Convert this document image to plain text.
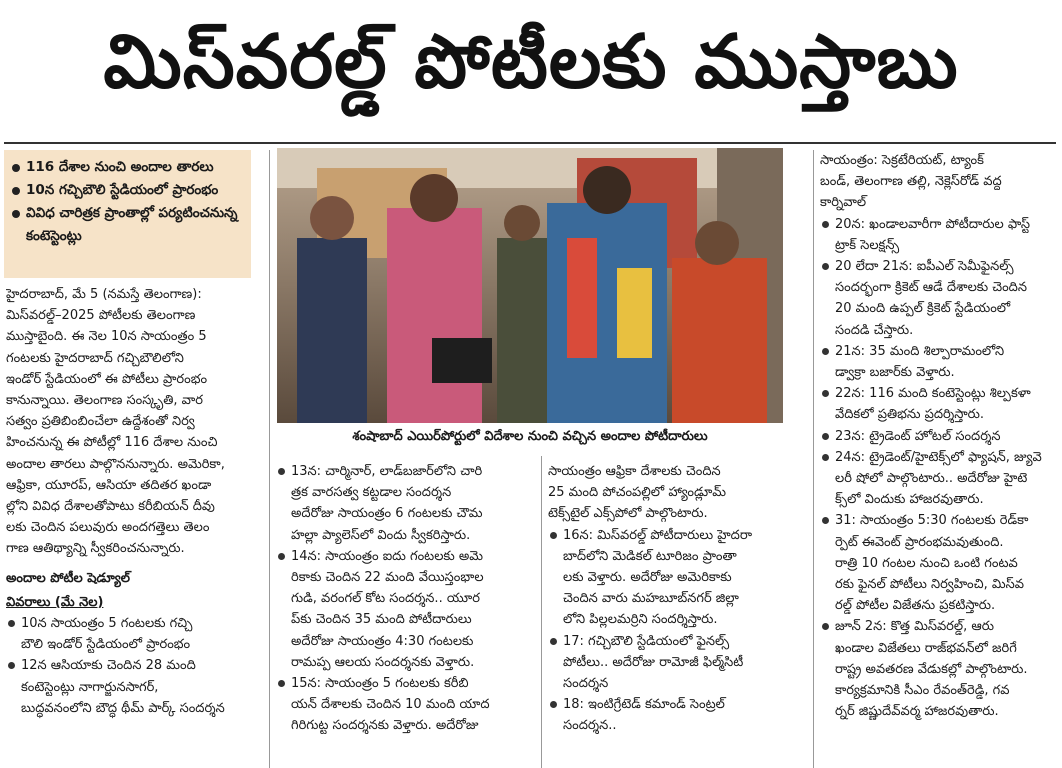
మిస్‌వరల్డ్ పోటీలకు ముస్తాబు
116 దేశాల నుంచి అందాల తారలు
10న గచ్చిబౌలి స్టేడియంలో ప్రారంభం
వివిధ చారిత్రక ప్రాంతాల్లో పర్యటించనున్న కంటెస్టెంట్లు
హైదరాబాద్, మే 5 (నమస్తే తెలంగాణ):
మిస్‌వరల్డ్–2025 పోటీలకు తెలంగాణ
ముస్తాబైంది. ఈ నెల 10న సాయంత్రం 5
గంటలకు హైదరాబాద్ గచ్చిబౌలిలోని
ఇండోర్ స్టేడియంలో ఈ పోటీలు ప్రారంభం
కానున్నాయి. తెలంగాణ సంస్కృతి, వార
సత్వం ప్రతిబింబించేలా ఉద్దేశంతో నిర్వ
హించనున్న ఈ పోటీల్లో 116 దేశాల నుంచి
అందాల తారలు పాల్గొననున్నారు. అమెరికా,
ఆఫ్రికా, యూరప్, ఆసియా తదితర ఖండా
ల్లోని వివిధ దేశాలతోపాటు కరీబియన్ దీవు
లకు చెందిన పలువురు అందగత్తెలు తెలం
గాణ ఆతిథ్యాన్ని స్వీకరించనున్నారు.
అందాల పోటీల షెడ్యూల్
వివరాలు (మే నెల)
10న సాయంత్రం 5 గంటలకు గచ్చి
బౌలి ఇండోర్ స్టేడియంలో ప్రారంభం
12న ఆసియాకు చెందిన 28 మంది
కంటెస్టెంట్లు నాగార్జునసాగర్,
బుద్ధవనంలోని బౌద్ధ థీమ్ పార్క్ సందర్శన
శంషాబాద్ ఎయిర్‌పోర్టులో విదేశాల నుంచి వచ్చిన అందాల పోటీదారులు
13న: చార్మినార్, లాడ్‌బజార్‌లోని చారి
త్రక వారసత్వ కట్టడాల సందర్శన
అదేరోజు సాయంత్రం 6 గంటలకు చౌమ
హల్లా ప్యాలెస్‌లో విందు స్వీకరిస్తారు.
14న: సాయంత్రం ఐదు గంటలకు అమె
రికాకు చెందిన 22 మంది వేయిస్తంభాల
గుడి, వరంగల్ కోట సందర్శన.. యూర
ప్‌కు చెందిన 35 మంది పోటీదారులు
అదేరోజు సాయంత్రం 4:30 గంటలకు
రామప్ప ఆలయ సందర్శనకు వెళ్తారు.
15న: సాయంత్రం 5 గంటలకు కరీబి
యన్ దేశాలకు చెందిన 10 మంది యాద
గిరిగుట్ట సందర్శనకు వెళ్తారు. అదేరోజు
సాయంత్రం ఆఫ్రికా దేశాలకు చెందిన
25 మంది పోచంపల్లిలో హ్యాండ్లూమ్
టెక్స్‌టైల్ ఎక్స్‌పోలో పాల్గొంటారు.
16న: మిస్‌వరల్డ్ పోటీదారులు హైదరా
బాద్‌లోని మెడికల్ టూరిజం ప్రాంతా
లకు వెళ్తారు. అదేరోజు అమెరికాకు
చెందిన వారు మహబూబ్‌నగర్ జిల్లా
లోని పిల్లలమర్రిని సందర్శిస్తారు.
17: గచ్చిబౌలి స్టేడియంలో ఫైనల్స్
పోటీలు.. అదేరోజు రామోజీ ఫిల్మ్‌సిటీ
సందర్శన
18: ఇంటిగ్రేటెడ్ కమాండ్ సెంట్రల్
సందర్శన..
సాయంత్రం: సెక్రటేరియట్, ట్యాంక్
బండ్, తెలంగాణ తల్లి, నెక్లెస్‌రోడ్ వద్ద
కార్నివాల్
20న: ఖండాలవారీగా పోటీదారుల ఫాస్ట్
ట్రాక్ సెలక్షన్స్
20 లేదా 21న: ఐపీఎల్ సెమీఫైనల్స్
సందర్భంగా క్రికెట్ ఆడే దేశాలకు చెందిన
20 మంది ఉప్పల్ క్రికెట్ స్టేడియంలో
సందడి చేస్తారు.
21న: 35 మంది శిల్పారామంలోని
డ్వాక్రా బజార్‌కు వెళ్తారు.
22న: 116 మంది కంటెస్టెంట్లు శిల్పకళా
వేదికలో ప్రతిభను ప్రదర్శిస్తారు.
23న: ట్రైడెంట్ హోటల్ సందర్శన
24న: ట్రైడెంట్/హైటెక్స్‌లో ఫ్యాషన్, జ్యువె
లరీ షోలో పాల్గొంటారు.. అదేరోజు హైటె
క్స్‌లో విందుకు హాజరవుతారు.
31: సాయంత్రం 5:30 గంటలకు రెడ్‌కా
ర్పెట్ ఈవెంట్ ప్రారంభమవుతుంది.
రాత్రి 10 గంటల నుంచి ఒంటి గంటవ
రకు ఫైనల్ పోటీలు నిర్వహించి, మిస్‌వ
రల్డ్ పోటీల విజేతను ప్రకటిస్తారు.
జూన్ 2న: కొత్త మిస్‌వరల్డ్, ఆరు
ఖండాల విజేతలు రాజ్‌భవన్‌లో జరిగే
రాష్ట్ర అవతరణ వేడుకల్లో పాల్గొంటారు.
కార్యక్రమానికి సీఎం రేవంత్‌రెడ్డి, గవ
ర్నర్ జిష్ణుదేవ్‌వర్మ హాజరవుతారు.
